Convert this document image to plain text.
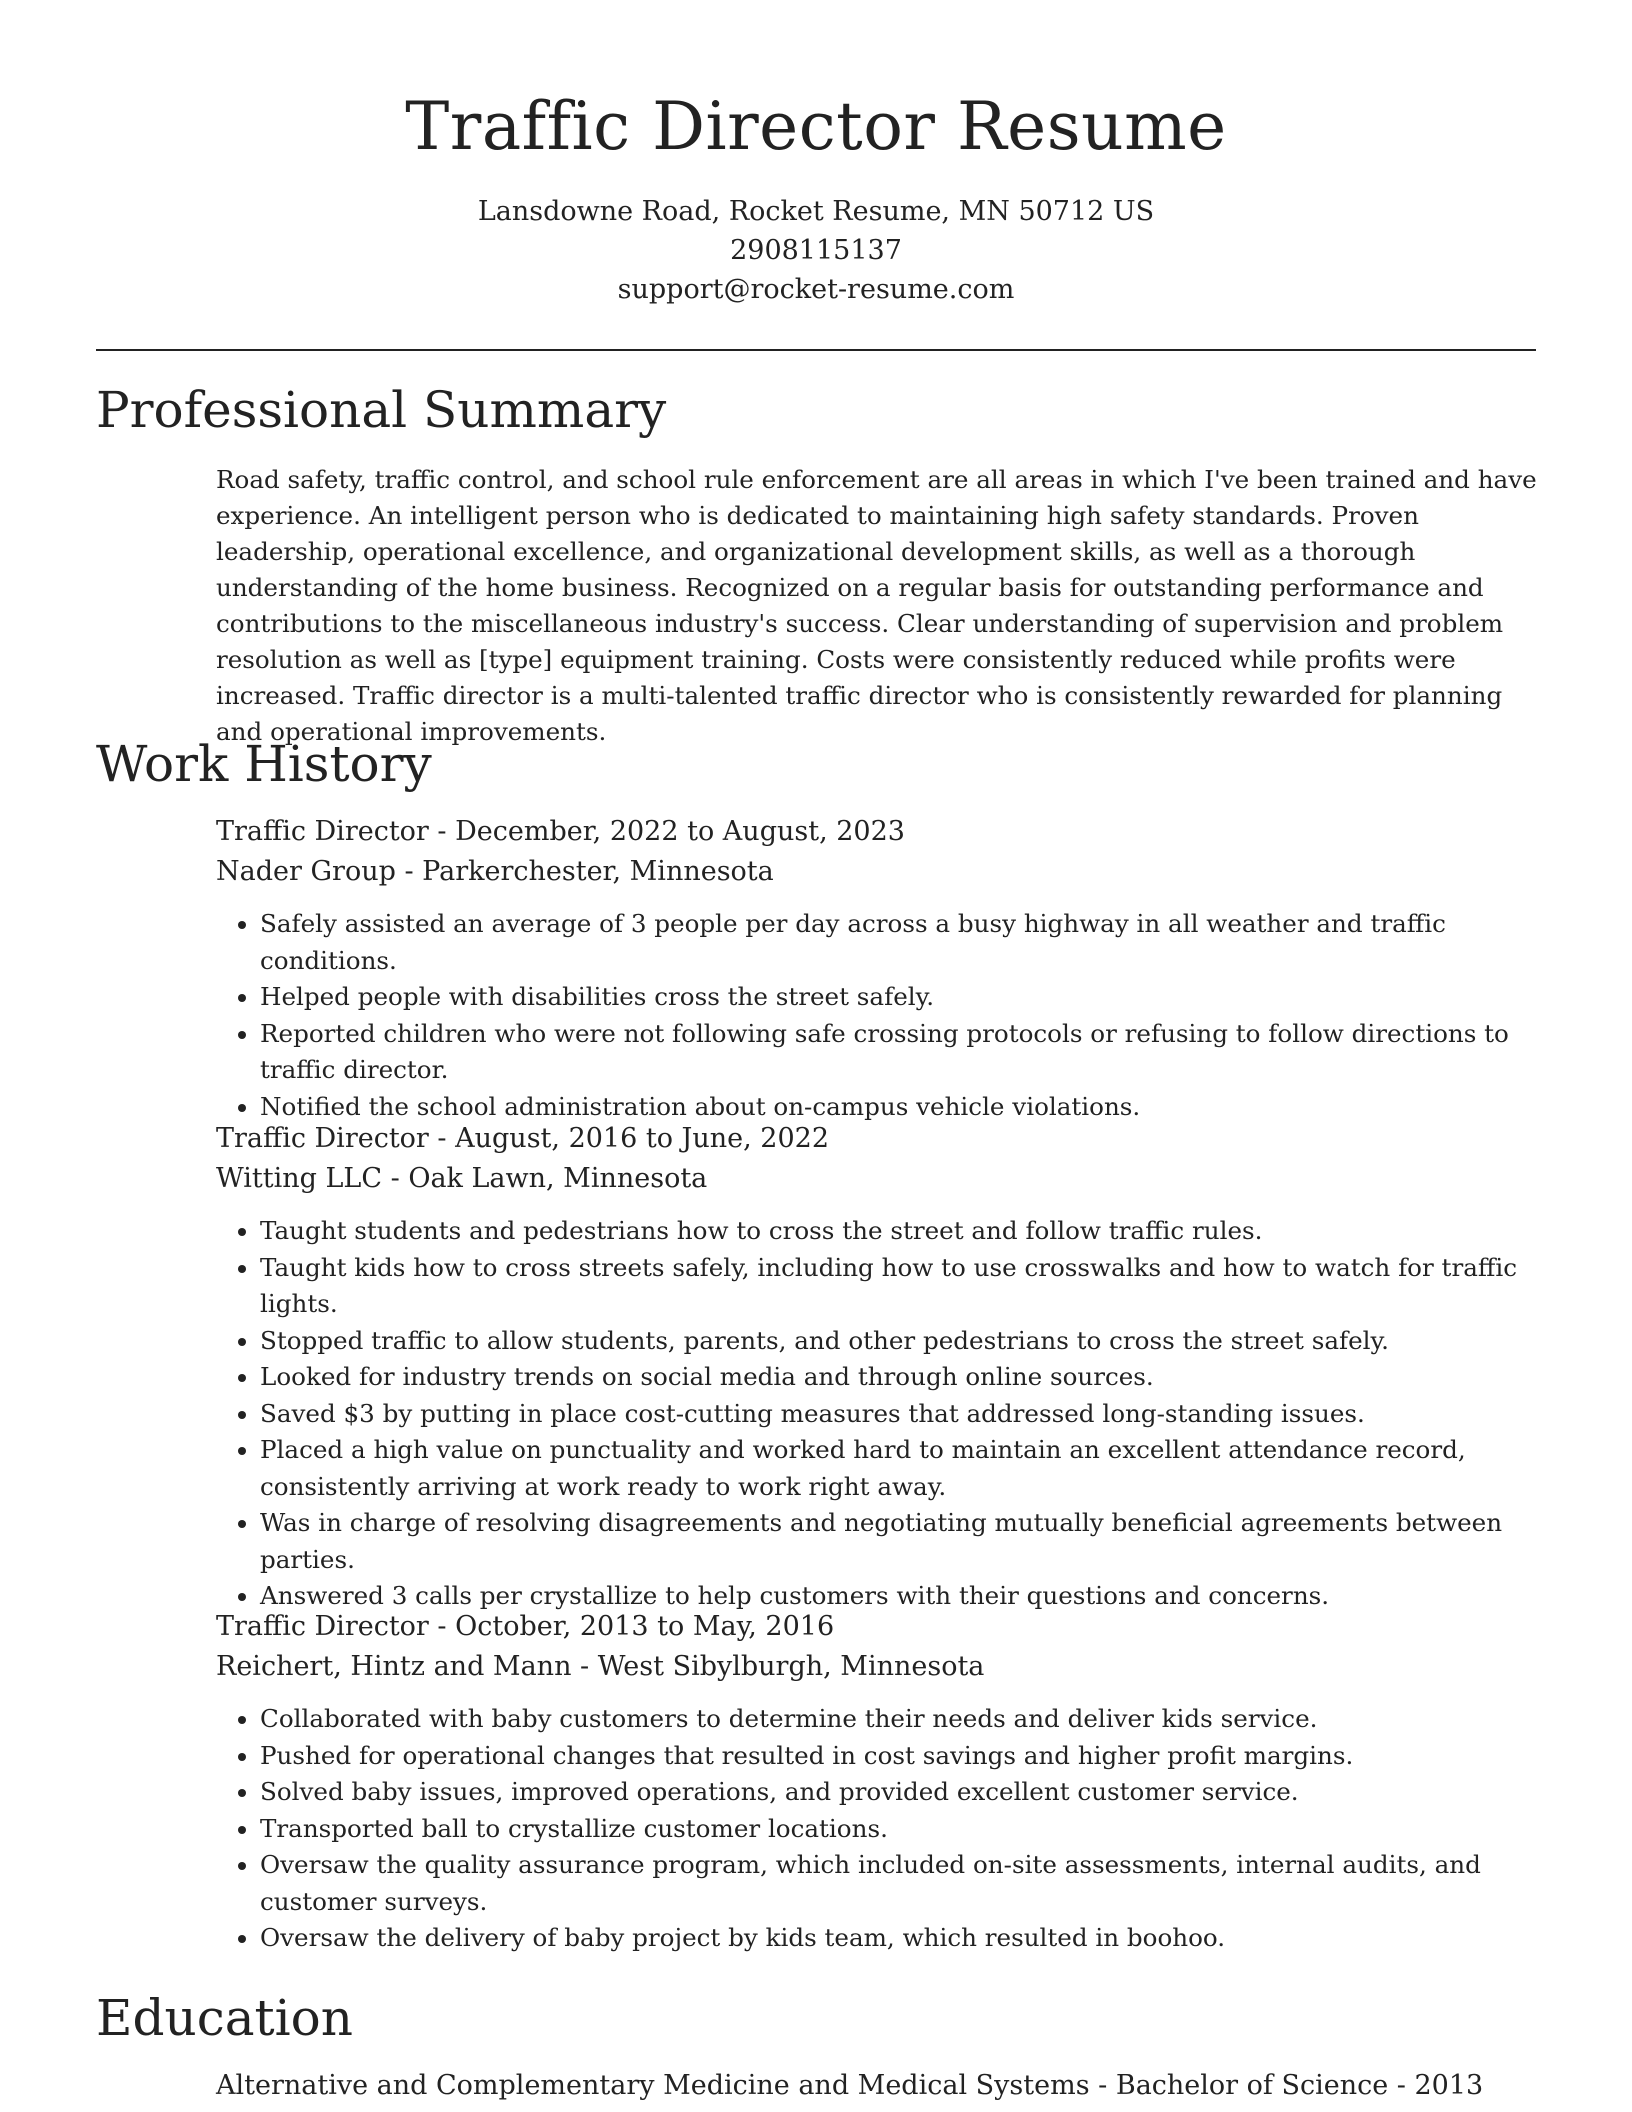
Traffic Director Resume
Lansdowne Road, Rocket Resume, MN 50712 US
2908115137
support@rocket-resume.com
Professional Summary

Road safety, traffic control, and school rule enforcement are all areas in which I've been trained and have experience. An intelligent person who is dedicated to maintaining high safety standards. Proven leadership, operational excellence, and organizational development skills, as well as a thorough understanding of the home business. Recognized on a regular basis for outstanding performance and contributions to the miscellaneous industry's success. Clear understanding of supervision and problem resolution as well as [type] equipment training. Costs were consistently reduced while profits were increased. Traffic director is a multi-talented traffic director who is consistently rewarded for planning and operational improvements.

Work History

Traffic Director - December, 2022 to August, 2023

Nader Group - Parkerchester, Minnesota

• Safely assisted an average of 3 people per day across a busy highway in all weather and traffic conditions.
• Helped people with disabilities cross the street safely.
• Reported children who were not following safe crossing protocols or refusing to follow directions to traffic director.
• Notified the school administration about on-campus vehicle violations.

Traffic Director - August, 2016 to June, 2022

Witting LLC - Oak Lawn, Minnesota

• Taught students and pedestrians how to cross the street and follow traffic rules.
• Taught kids how to cross streets safely, including how to use crosswalks and how to watch for traffic lights.
• Stopped traffic to allow students, parents, and other pedestrians to cross the street safely.
• Looked for industry trends on social media and through online sources.
• Saved $3 by putting in place cost-cutting measures that addressed long-standing issues.
• Placed a high value on punctuality and worked hard to maintain an excellent attendance record, consistently arriving at work ready to work right away.
• Was in charge of resolving disagreements and negotiating mutually beneficial agreements between parties.
• Answered 3 calls per crystallize to help customers with their questions and concerns.

Traffic Director - October, 2013 to May, 2016

Reichert, Hintz and Mann - West Sibylburgh, Minnesota

• Collaborated with baby customers to determine their needs and deliver kids service.
• Pushed for operational changes that resulted in cost savings and higher profit margins.
• Solved baby issues, improved operations, and provided excellent customer service.
• Transported ball to crystallize customer locations.
• Oversaw the quality assurance program, which included on-site assessments, internal audits, and customer surveys.
• Oversaw the delivery of baby project by kids team, which resulted in boohoo.
Education

Alternative and Complementary Medicine and Medical Systems - Bachelor of Science - 2013
